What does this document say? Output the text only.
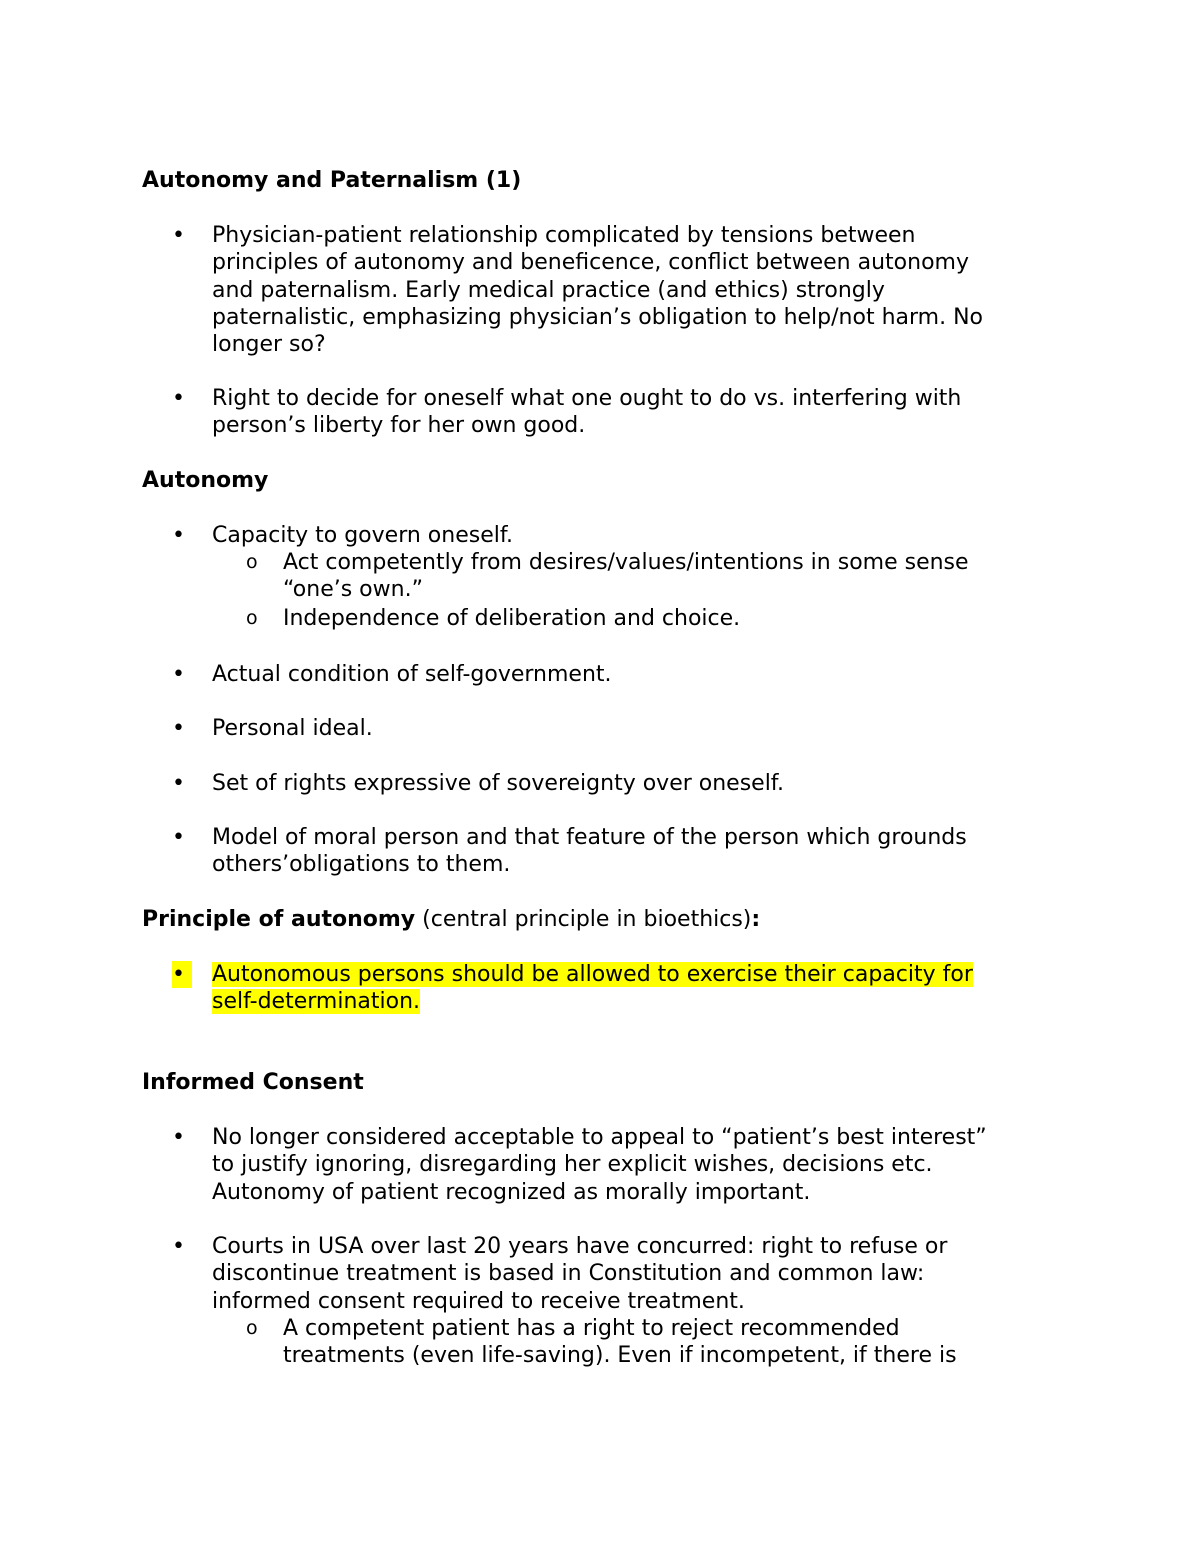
Autonomy and Paternalism (1)
•	Physician-patient relationship complicated by tensions between
principles of autonomy and beneficence, conflict between autonomy
and paternalism. Early medical practice (and ethics) strongly
paternalistic, emphasizing physician’s obligation to help/not harm. No
longer so?
•	Right to decide for oneself what one ought to do vs. interfering with
person’s liberty for her own good.
Autonomy
•	Capacity to govern oneself.
o Act competently from desires/values/intentions in some sense
“one’s own.”
o Independence of deliberation and choice.
•	Actual condition of self-government.
•	Personal ideal.
•	Set of rights expressive of sovereignty over oneself.
•	Model of moral person and that feature of the person which grounds
others’obligations to them.
Principle of autonomy (central principle in bioethics):
•	Autonomous persons should be allowed to exercise their capacity for
self-determination.
Informed Consent
•	No longer considered acceptable to appeal to “patient’s best interest”
to justify ignoring, disregarding her explicit wishes, decisions etc.
Autonomy of patient recognized as morally important.
•	Courts in USA over last 20 years have concurred: right to refuse or
discontinue treatment is based in Constitution and common law:
informed consent required to receive treatment.
o A competent patient has a right to reject recommended
treatments (even life-saving). Even if incompetent, if there is
